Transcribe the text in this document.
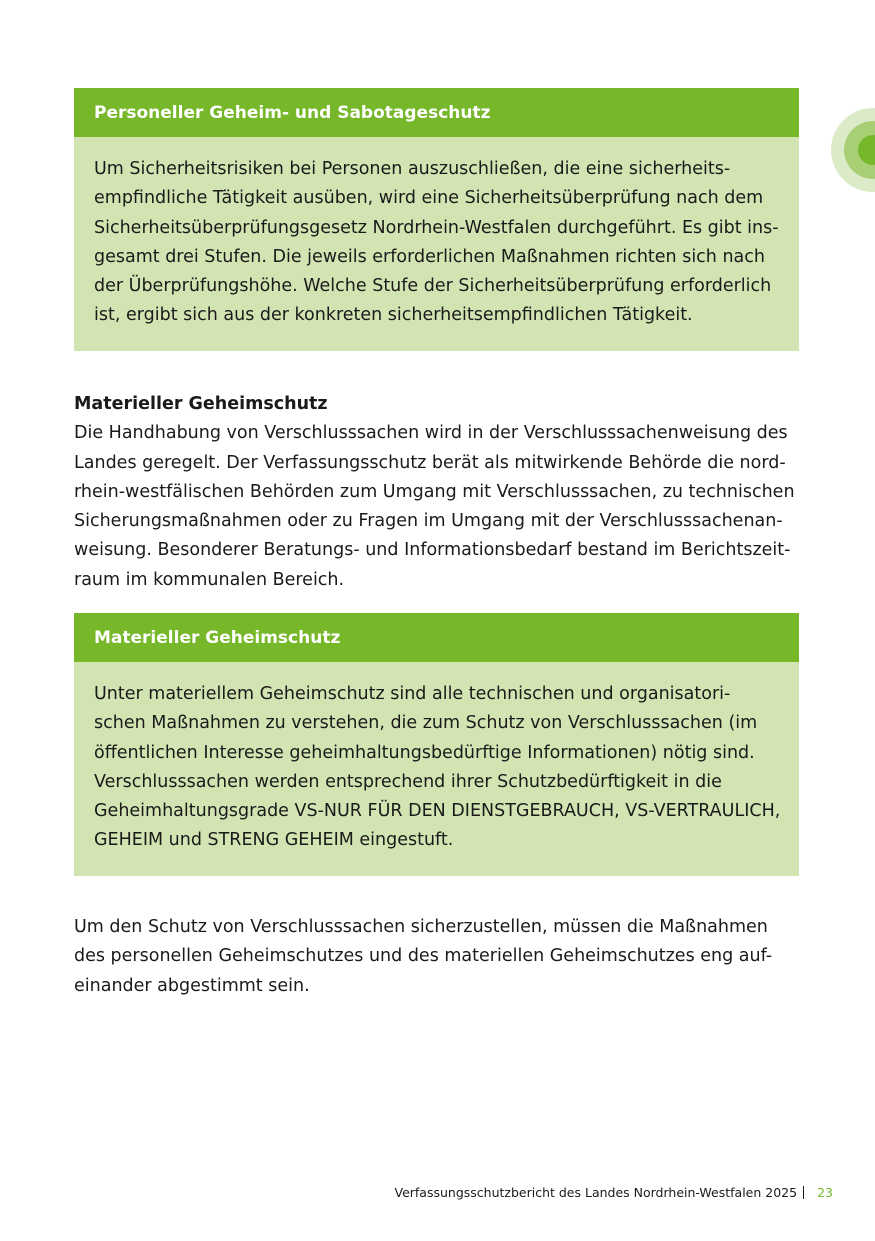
Personeller Geheim- und Sabotageschutz
Um Sicherheitsrisiken bei Personen auszuschließen, die eine sicherheits-
empfindliche Tätigkeit ausüben, wird eine Sicherheitsüberprüfung nach dem
Sicherheitsüberprüfungsgesetz Nordrhein-Westfalen durchgeführt. Es gibt ins-
gesamt drei Stufen. Die jeweils erforderlichen Maßnahmen richten sich nach
der Überprüfungshöhe. Welche Stufe der Sicherheitsüberprüfung erforderlich
ist, ergibt sich aus der konkreten sicherheitsempfindlichen Tätigkeit.
Materieller Geheimschutz
Die Handhabung von Verschlusssachen wird in der Verschlusssachenweisung des
Landes geregelt. Der Verfassungsschutz berät als mitwirkende Behörde die nord-
rhein-westfälischen Behörden zum Umgang mit Verschlusssachen, zu technischen
Sicherungsmaßnahmen oder zu Fragen im Umgang mit der Verschlusssachenan-
weisung. Besonderer Beratungs- und Informationsbedarf bestand im Berichtszeit-
raum im kommunalen Bereich.
Materieller Geheimschutz
Unter materiellem Geheimschutz sind alle technischen und organisatori-
schen Maßnahmen zu verstehen, die zum Schutz von Verschlusssachen (im
öffentlichen Interesse geheimhaltungsbedürftige Informationen) nötig sind.
Verschlusssachen werden entsprechend ihrer Schutzbedürftigkeit in die
Geheimhaltungsgrade VS-NUR FÜR DEN DIENSTGEBRAUCH, VS-VERTRAULICH,
GEHEIM und STRENG GEHEIM eingestuft.
Um den Schutz von Verschlusssachen sicherzustellen, müssen die Maßnahmen
des personellen Geheimschutzes und des materiellen Geheimschutzes eng auf-
einander abgestimmt sein.
Verfassungsschutzbericht des Landes Nordrhein-Westfalen 2025 23
